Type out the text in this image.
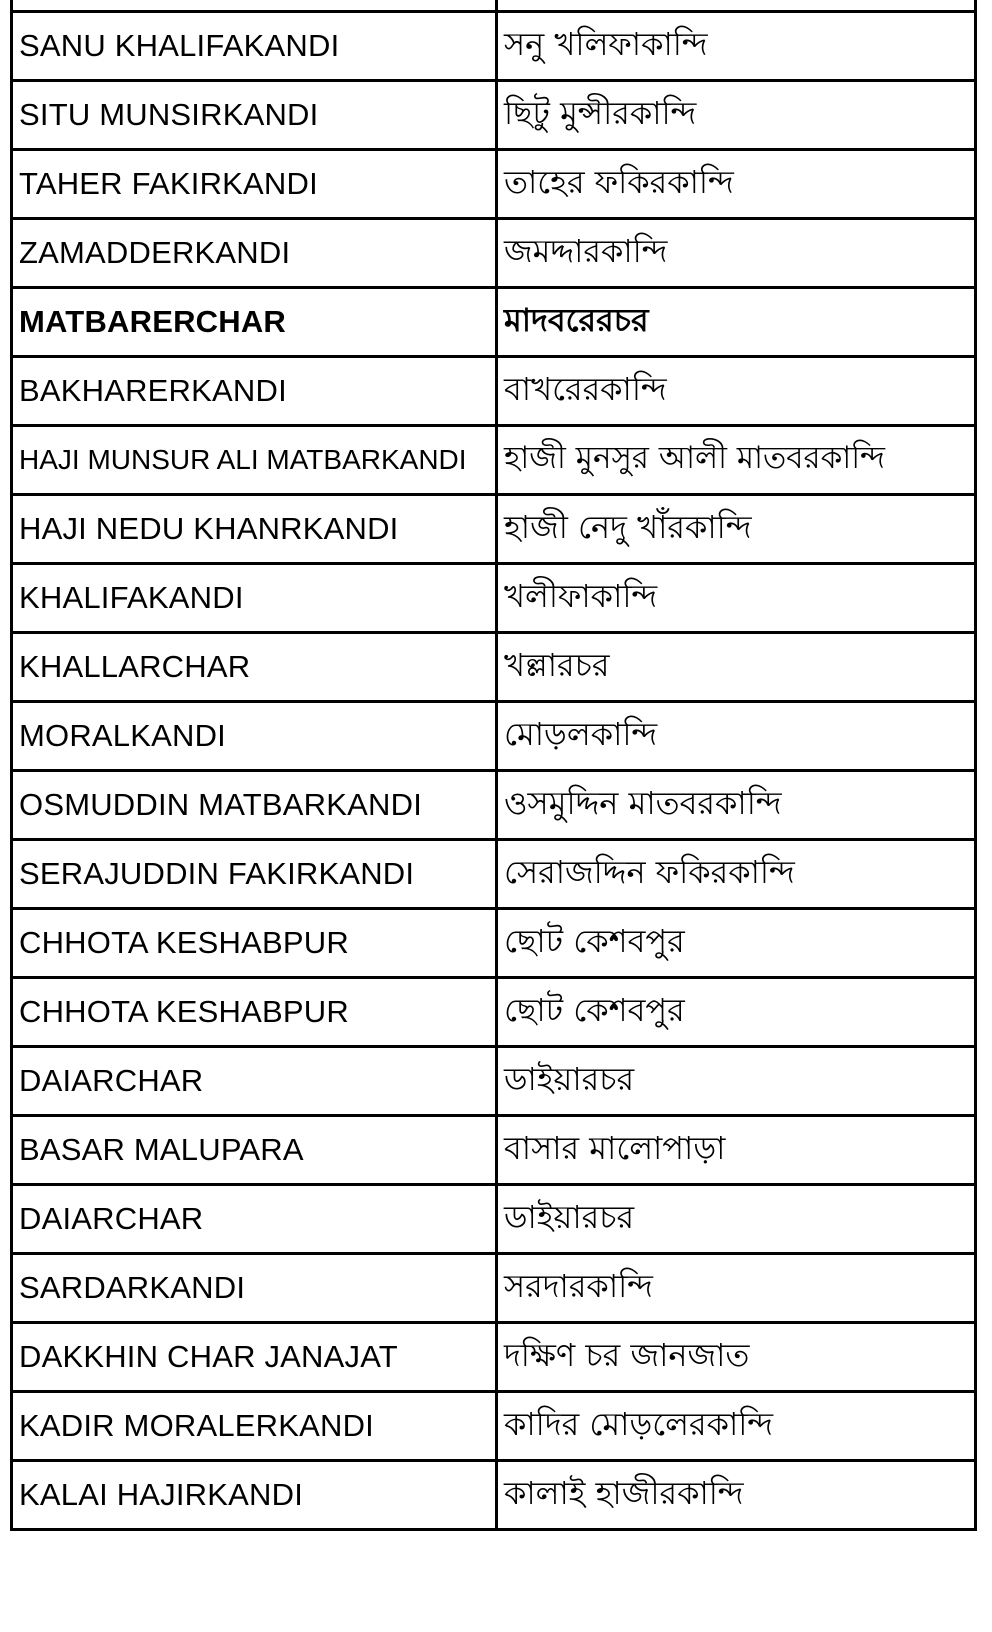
SANU KHALIFAKANDI	সনু খলিফাকান্দি
SITU MUNSIRKANDI	ছিটু মুন্সীরকান্দি
TAHER FAKIRKANDI	তাহের ফকিরকান্দি
ZAMADDERKANDI	জমদ্দারকান্দি
MATBARERCHAR	মাদবরেরচর
BAKHARERKANDI	বাখরেরকান্দি
HAJI MUNSUR ALI MATBARKANDI	হাজী মুনসুর আলী মাতবরকান্দি
HAJI NEDU KHANRKANDI	হাজী নেদু খাঁরকান্দি
KHALIFAKANDI	খলীফাকান্দি
KHALLARCHAR	খল্লারচর
MORALKANDI	মোড়লকান্দি
OSMUDDIN MATBARKANDI	ওসমুদ্দিন মাতবরকান্দি
SERAJUDDIN FAKIRKANDI	সেরাজদ্দিন ফকিরকান্দি
CHHOTA KESHABPUR	ছোট কেশবপুর
CHHOTA KESHABPUR	ছোট কেশবপুর
DAIARCHAR	ডাইয়ারচর
BASAR MALUPARA	বাসার মালোপাড়া
DAIARCHAR	ডাইয়ারচর
SARDARKANDI	সরদারকান্দি
DAKKHIN CHAR JANAJAT	দক্ষিণ চর জানজাত
KADIR MORALERKANDI	কাদির মোড়লেরকান্দি
KALAI HAJIRKANDI	কালাই হাজীরকান্দি
